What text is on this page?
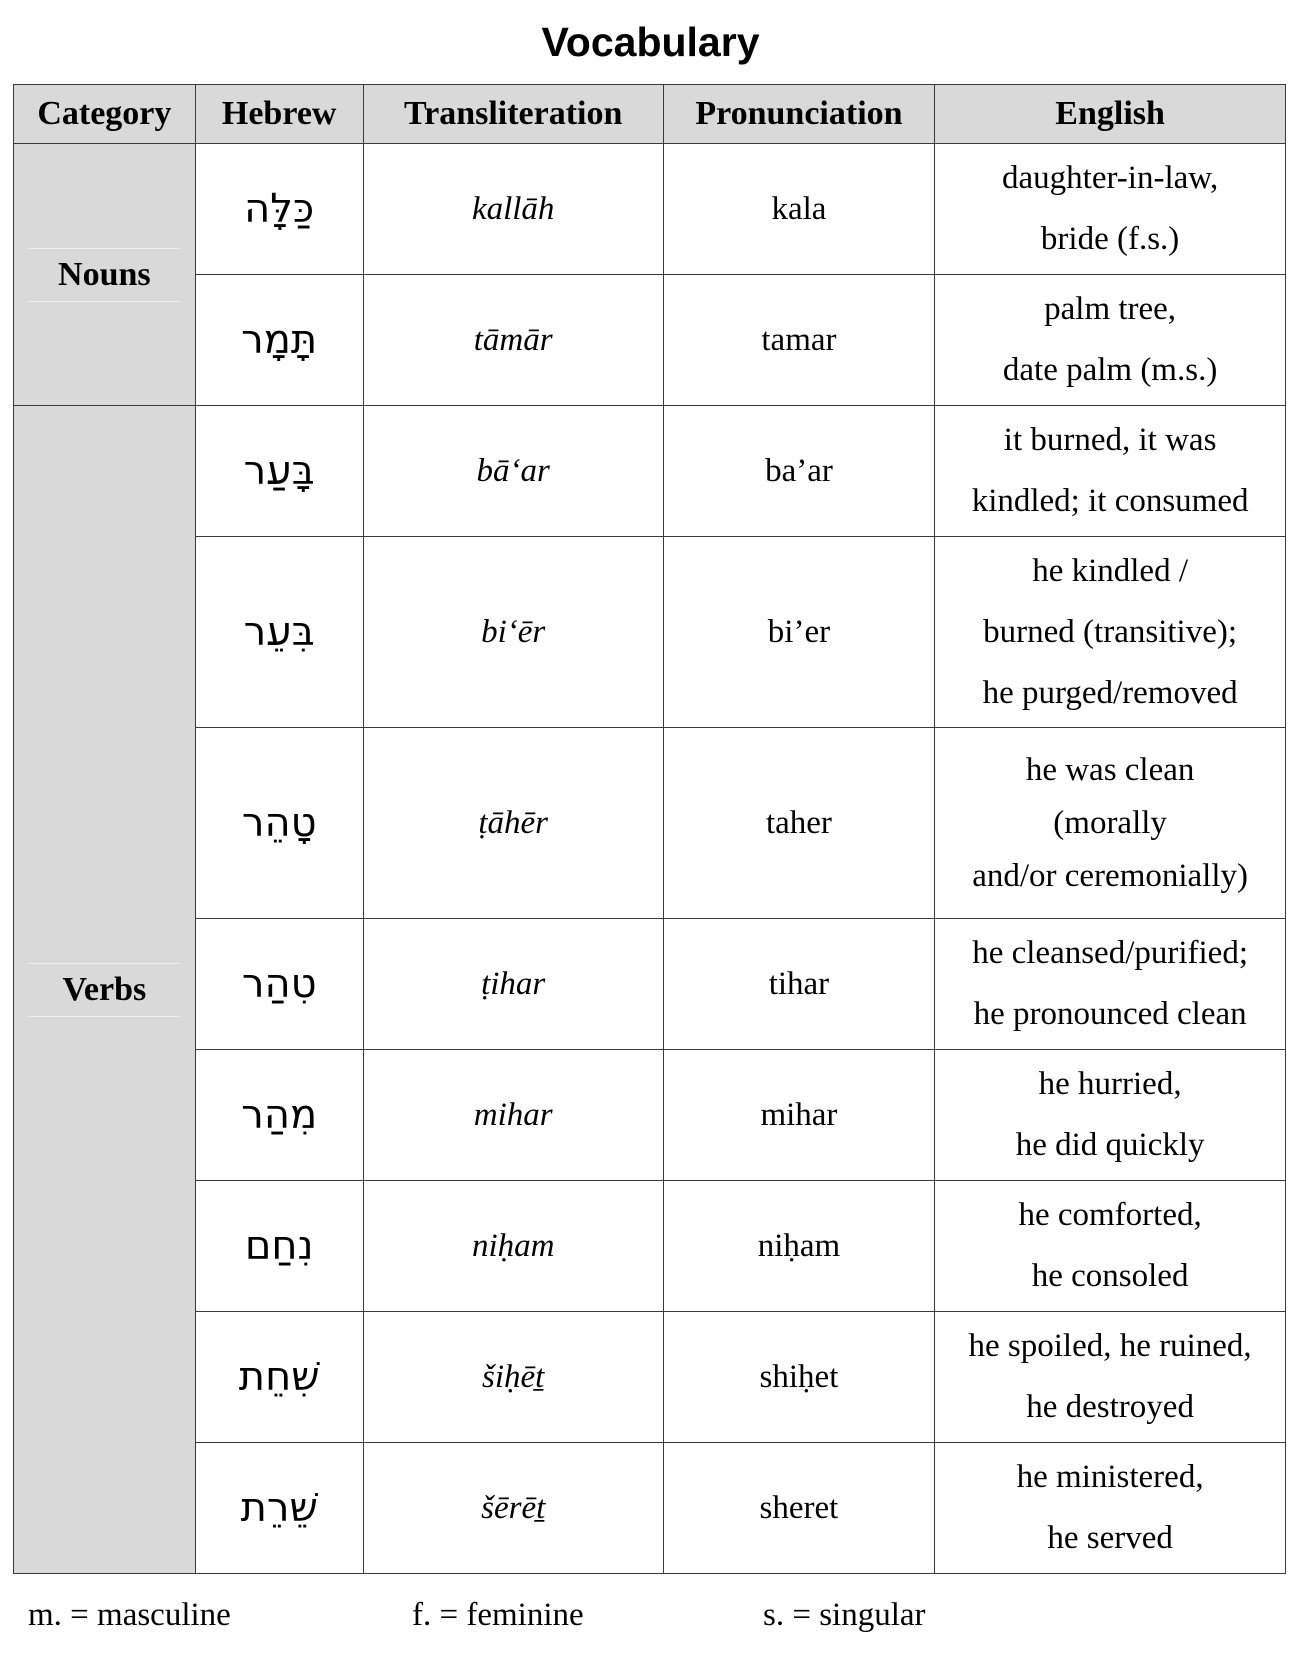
Vocabulary
Category	Hebrew	Transliteration	Pronunciation	English
Nouns	כַּלָּה	kallāh	kala	daughter-in-law,
bride (f.s.)

	תָּמָר	tāmār	tamar	palm tree,
date palm (m.s.)

Verbs	בָּעַר	bā‘ar	ba’ar	it burned, it was
kindled; it consumed

	בִּעֵר	bi‘ēr	bi’er	he kindled /
burned (transitive);
he purged/removed

	טָהֵר	ṭāhēr	taher	he was clean
(morally
and/or ceremonially)

	טִהַר	ṭihar	tihar	he cleansed/purified;
he pronounced clean

	מִהַר	mihar	mihar	he hurried,
he did quickly

	נִחַם	niḥam	niḥam	he comforted,
he consoled

	שִׁחֵת	šiḥēṯ	shiḥet	he spoiled, he ruined,
he destroyed

	שֵׁרֵת	šērēṯ	sheret	he ministered,
he served
m. = masculine	f. = feminine	s. = singular
